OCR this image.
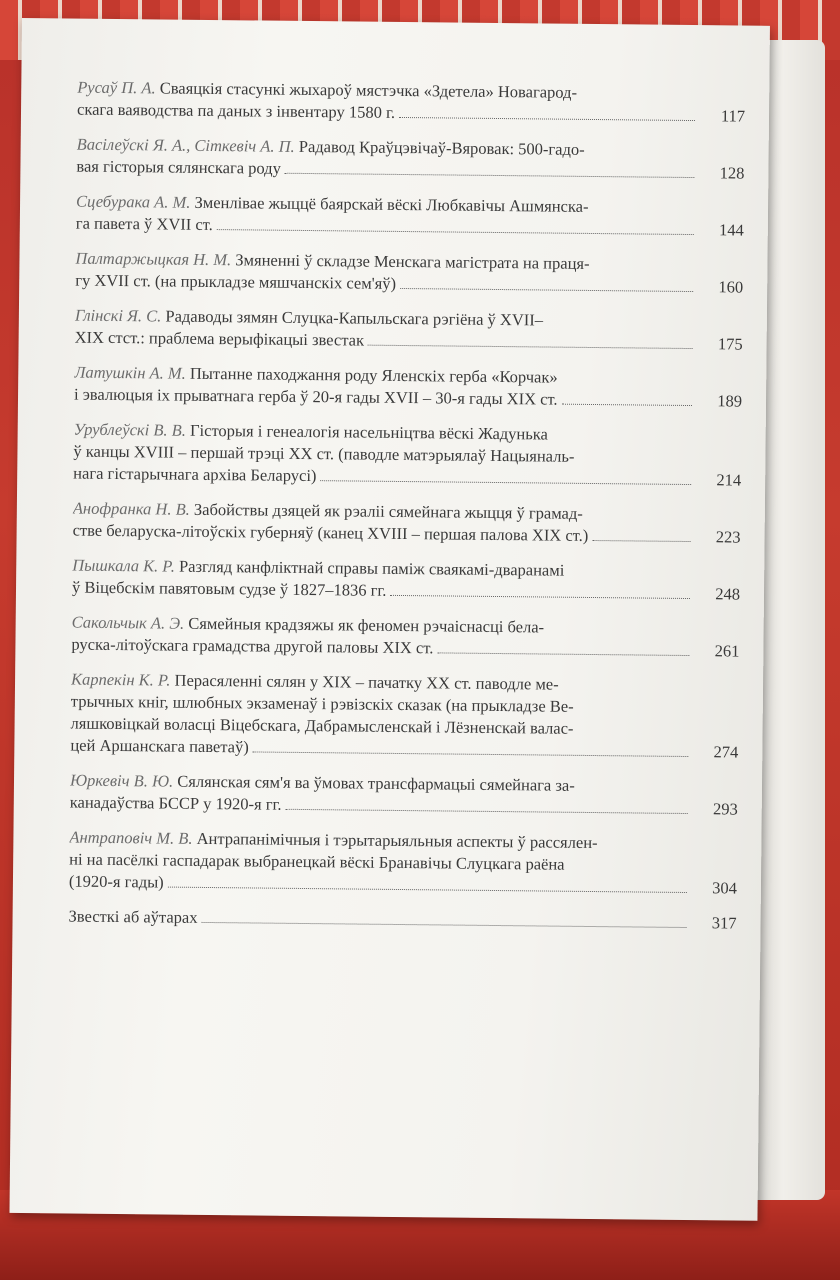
Русаў П. А. Сваяцкія стасункі жыхароў мястэчка «Здетела» Новагарод-
скага ваяводства па даных з інвентару 1580 г.	117
Васілеўскі Я. А., Сіткевіч А. П. Радавод Краўцэвічаў-Вяровак: 500-гадо-
вая гісторыя сялянскага роду	128
Сцебурака А. М. Зменлівае жыццё баярскай вёскі Любкавічы Ашмянска-
га павета ў XVII ст.	144
Палтаржыцкая Н. М. Змяненні ў складзе Менскага магістрата на праця-
гу XVII ст. (на прыкладзе мяшчанскіх сем'яў)	160
Глінскі Я. С. Радаводы зямян Слуцка-Капыльскага рэгіёна ў XVII–
XIX стст.: праблема верыфікацыі звестак	175
Латушкін А. М. Пытанне паходжання роду Яленскіх герба «Корчак»
і эвалюцыя іх прыватнага герба ў 20-я гады XVII – 30-я гады XIX ст.	189
Урублеўскі В. В. Гісторыя і генеалогія насельніцтва вёскі Жадунька
ў канцы XVIII – першай трэці XX ст. (паводле матэрыялаў Нацыяналь-
нага гістарычнага архіва Беларусі)	214
Анофранка Н. В. Забойствы дзяцей як рэаліі сямейнага жыцця ў грамад-
стве беларуска-літоўскіх губерняў (канец XVIII – першая палова XIX ст.)	223
Пышкала К. Р. Разгляд канфліктнай справы паміж сваякамі-дваранамі
ў Віцебскім павятовым судзе ў 1827–1836 гг.	248
Сакольчык А. Э. Сямейныя крадзяжы як феномен рэчаіснасці белa-
руска-літоўскага грамадства другой паловы XIX ст.	261
Карпекін К. Р. Перасяленні сялян у XIX – пачатку XX ст. паводле ме-
трычных кніг, шлюбных экзаменаў і рэвізскіх сказак (на прыкладзе Ве-
ляшковіцкай воласці Віцебскага, Дабрамысленскай і Лёзненскай валас-
цей Аршанскага паветаў)	274
Юркевіч В. Ю. Сялянская сям'я ва ўмовах трансфармацыі сямейнага за-
канадаўства БССР у 1920-я гг.	293
Антраповіч М. В. Антрапанімічныя і тэрытарыяльныя аспекты ў рассялен-
ні на пасёлкі гаспадарак выбранецкай вёскі Бранавічы Слуцкага раёна
(1920-я гады)	304
Звесткі аб аўтарах	317
